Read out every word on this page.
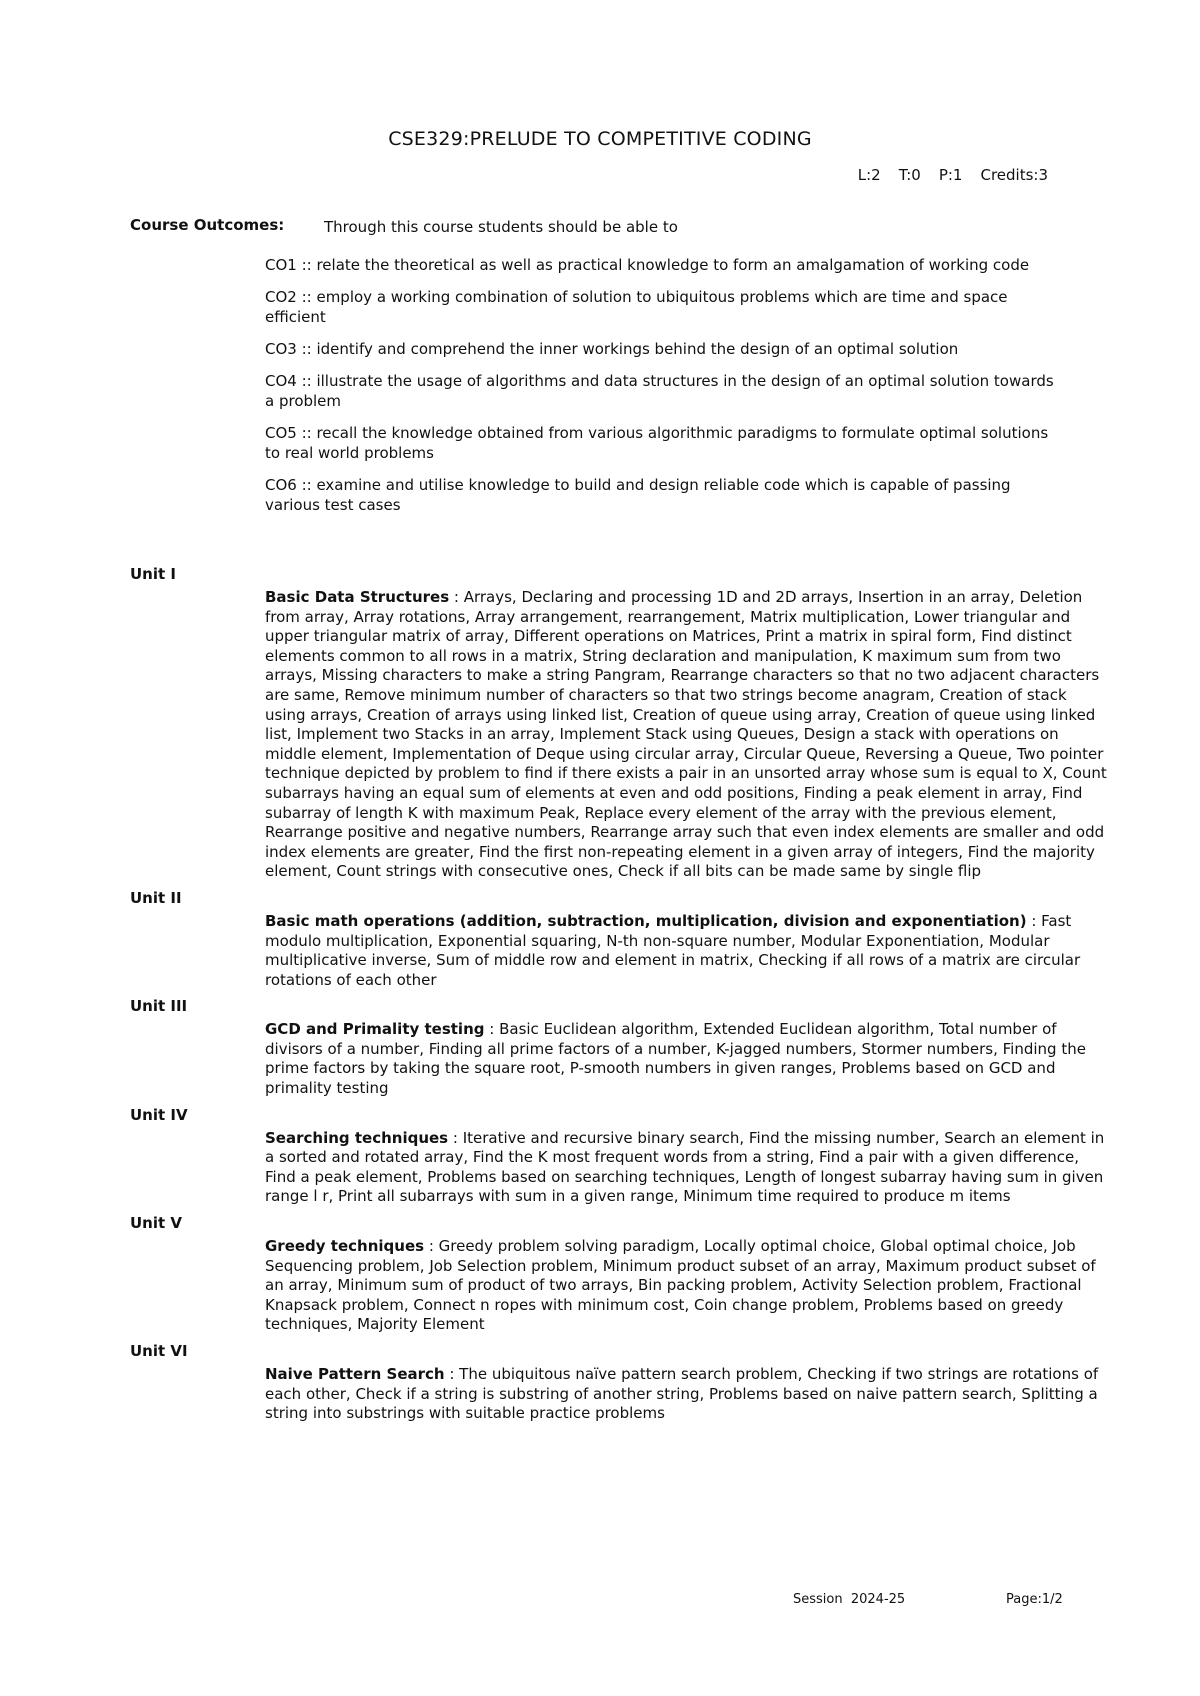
CSE329:PRELUDE TO COMPETITIVE CODING
L:2 T:0 P:1 Credits:3
Course Outcomes:	Through this course students should be able to
CO1 :: relate the theoretical as well as practical knowledge to form an amalgamation of working code
CO2 :: employ a working combination of solution to ubiquitous problems which are time and space efficient
CO3 :: identify and comprehend the inner workings behind the design of an optimal solution
CO4 :: illustrate the usage of algorithms and data structures in the design of an optimal solution towards a problem
CO5 :: recall the knowledge obtained from various algorithmic paradigms to formulate optimal solutions to real world problems
CO6 :: examine and utilise knowledge to build and design reliable code which is capable of passing various test cases
Unit I
Basic Data Structures : Arrays, Declaring and processing 1D and 2D arrays, Insertion in an array, Deletion from array, Array rotations, Array arrangement, rearrangement, Matrix multiplication, Lower triangular and upper triangular matrix of array, Different operations on Matrices, Print a matrix in spiral form, Find distinct elements common to all rows in a matrix, String declaration and manipulation, K maximum sum from two arrays, Missing characters to make a string Pangram, Rearrange characters so that no two adjacent characters are same, Remove minimum number of characters so that two strings become anagram, Creation of stack using arrays, Creation of arrays using linked list, Creation of queue using array, Creation of queue using linked list, Implement two Stacks in an array, Implement Stack using Queues, Design a stack with operations on middle element, Implementation of Deque using circular array, Circular Queue, Reversing a Queue, Two pointer technique depicted by problem to find if there exists a pair in an unsorted array whose sum is equal to X, Count subarrays having an equal sum of elements at even and odd positions, Finding a peak element in array, Find subarray of length K with maximum Peak, Replace every element of the array with the previous element, Rearrange positive and negative numbers, Rearrange array such that even index elements are smaller and odd index elements are greater, Find the first non-repeating element in a given array of integers, Find the majority element, Count strings with consecutive ones, Check if all bits can be made same by single flip
Unit II
Basic math operations (addition, subtraction, multiplication, division and exponentiation) : Fast modulo multiplication, Exponential squaring, N-th non-square number, Modular Exponentiation, Modular multiplicative inverse, Sum of middle row and element in matrix, Checking if all rows of a matrix are circular rotations of each other
Unit III
GCD and Primality testing : Basic Euclidean algorithm, Extended Euclidean algorithm, Total number of divisors of a number, Finding all prime factors of a number, K-jagged numbers, Stormer numbers, Finding the prime factors by taking the square root, P-smooth numbers in given ranges, Problems based on GCD and primality testing
Unit IV
Searching techniques : Iterative and recursive binary search, Find the missing number, Search an element in a sorted and rotated array, Find the K most frequent words from a string, Find a pair with a given difference, Find a peak element, Problems based on searching techniques, Length of longest subarray having sum in given range l r, Print all subarrays with sum in a given range, Minimum time required to produce m items
Unit V
Greedy techniques : Greedy problem solving paradigm, Locally optimal choice, Global optimal choice, Job Sequencing problem, Job Selection problem, Minimum product subset of an array, Maximum product subset of an array, Minimum sum of product of two arrays, Bin packing problem, Activity Selection problem, Fractional Knapsack problem, Connect n ropes with minimum cost, Coin change problem, Problems based on greedy techniques, Majority Element
Unit VI
Naive Pattern Search : The ubiquitous naïve pattern search problem, Checking if two strings are rotations of each other, Check if a string is substring of another string, Problems based on naive pattern search, Splitting a string into substrings with suitable practice problems
Session  2024-25	Page:1/2
